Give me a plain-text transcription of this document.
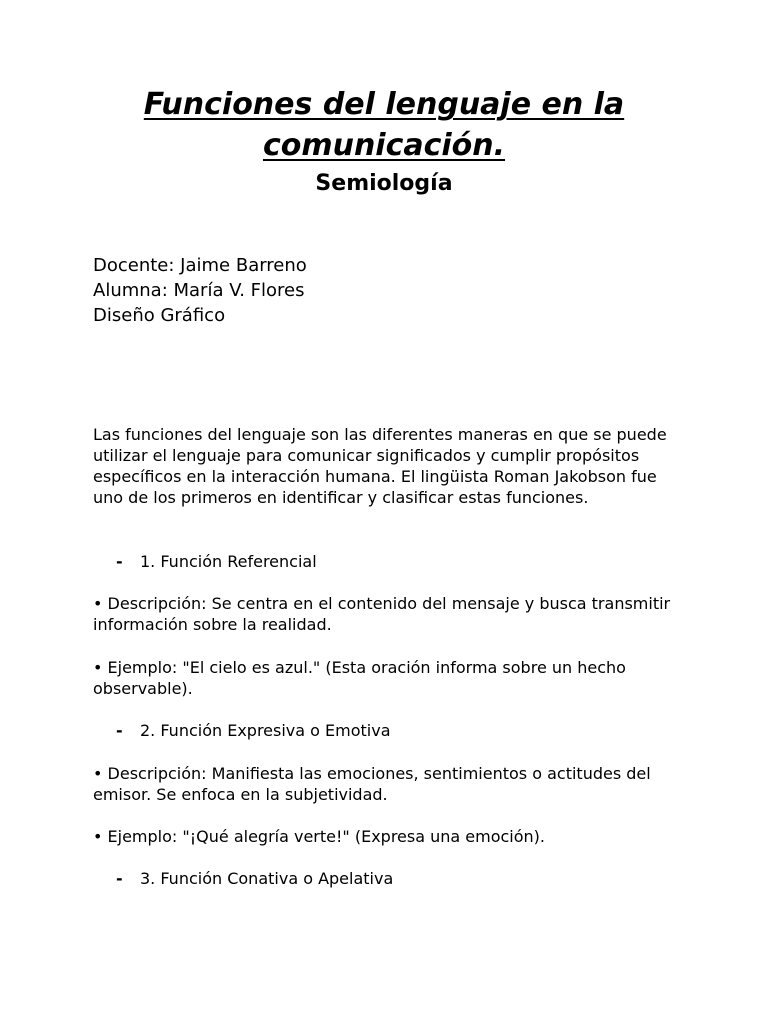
Funciones del lenguaje en la
comunicación.
Semiología
Docente: Jaime Barreno
Alumna: María V. Flores
Diseño Gráfico

Las funciones del lenguaje son las diferentes maneras en que se puede utilizar el lenguaje para comunicar significados y cumplir propósitos específicos en la interacción humana. El lingüista Roman Jakobson fue uno de los primeros en identificar y clasificar estas funciones.

- 1. Función Referencial

• Descripción: Se centra en el contenido del mensaje y busca transmitir información sobre la realidad.

• Ejemplo: "El cielo es azul." (Esta oración informa sobre un hecho observable).

- 2. Función Expresiva o Emotiva

• Descripción: Manifiesta las emociones, sentimientos o actitudes del emisor. Se enfoca en la subjetividad.

• Ejemplo: "¡Qué alegría verte!" (Expresa una emoción).

- 3. Función Conativa o Apelativa
